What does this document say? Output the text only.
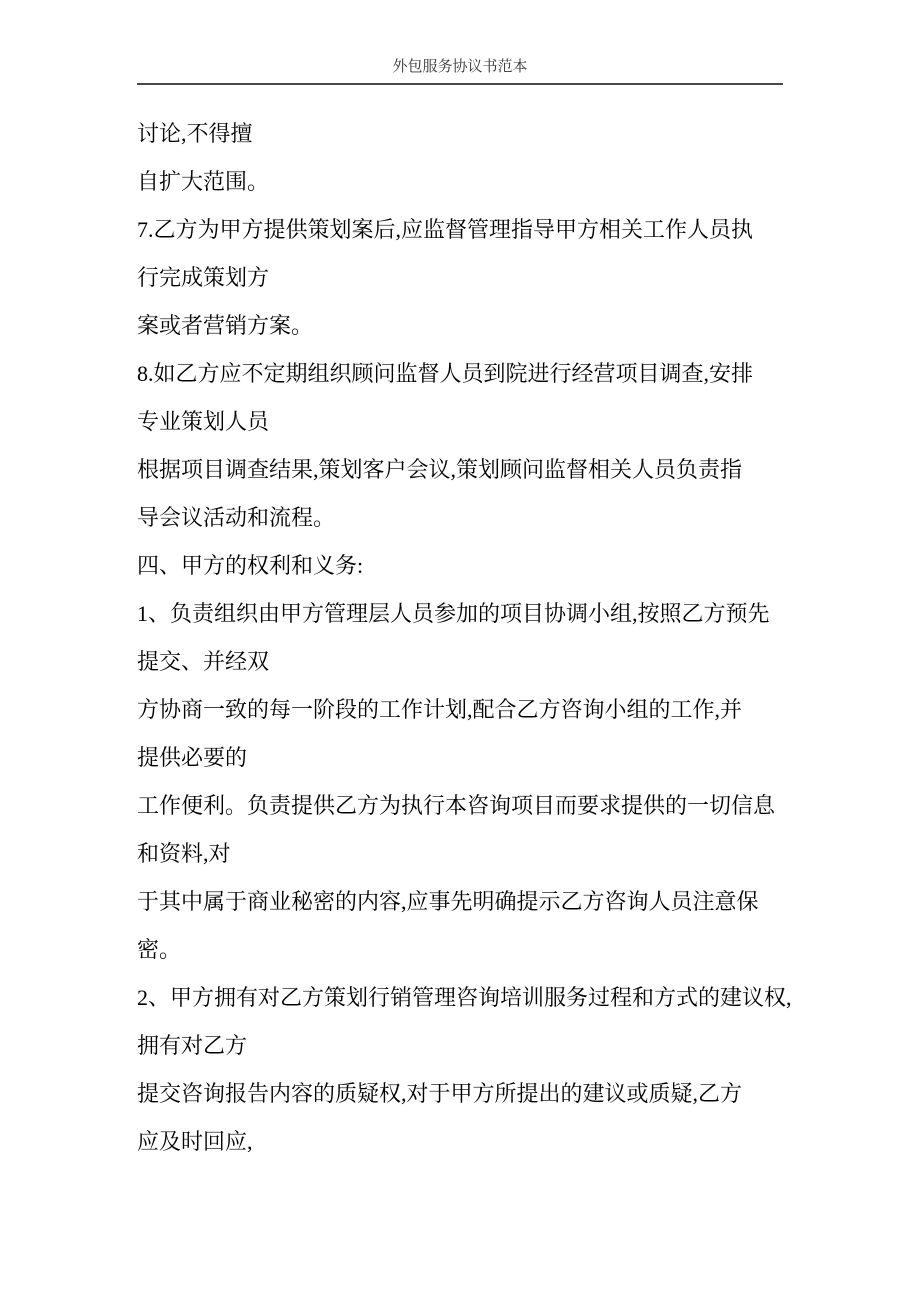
外包服务协议书范本

讨论,不得擅

自扩大范围。

7.乙方为甲方提供策划案后,应监督管理指导甲方相关工作人员执

行完成策划方

案或者营销方案。

8.如乙方应不定期组织顾问监督人员到院进行经营项目调查,安排

专业策划人员

根据项目调查结果,策划客户会议,策划顾问监督相关人员负责指

导会议活动和流程。

四、甲方的权利和义务:

1、负责组织由甲方管理层人员参加的项目协调小组,按照乙方预先

提交、并经双

方协商一致的每一阶段的工作计划,配合乙方咨询小组的工作,并

提供必要的

工作便利。负责提供乙方为执行本咨询项目而要求提供的一切信息

和资料,对

于其中属于商业秘密的内容,应事先明确提示乙方咨询人员注意保

密。

2、甲方拥有对乙方策划行销管理咨询培训服务过程和方式的建议权,

拥有对乙方

提交咨询报告内容的质疑权,对于甲方所提出的建议或质疑,乙方

应及时回应,
